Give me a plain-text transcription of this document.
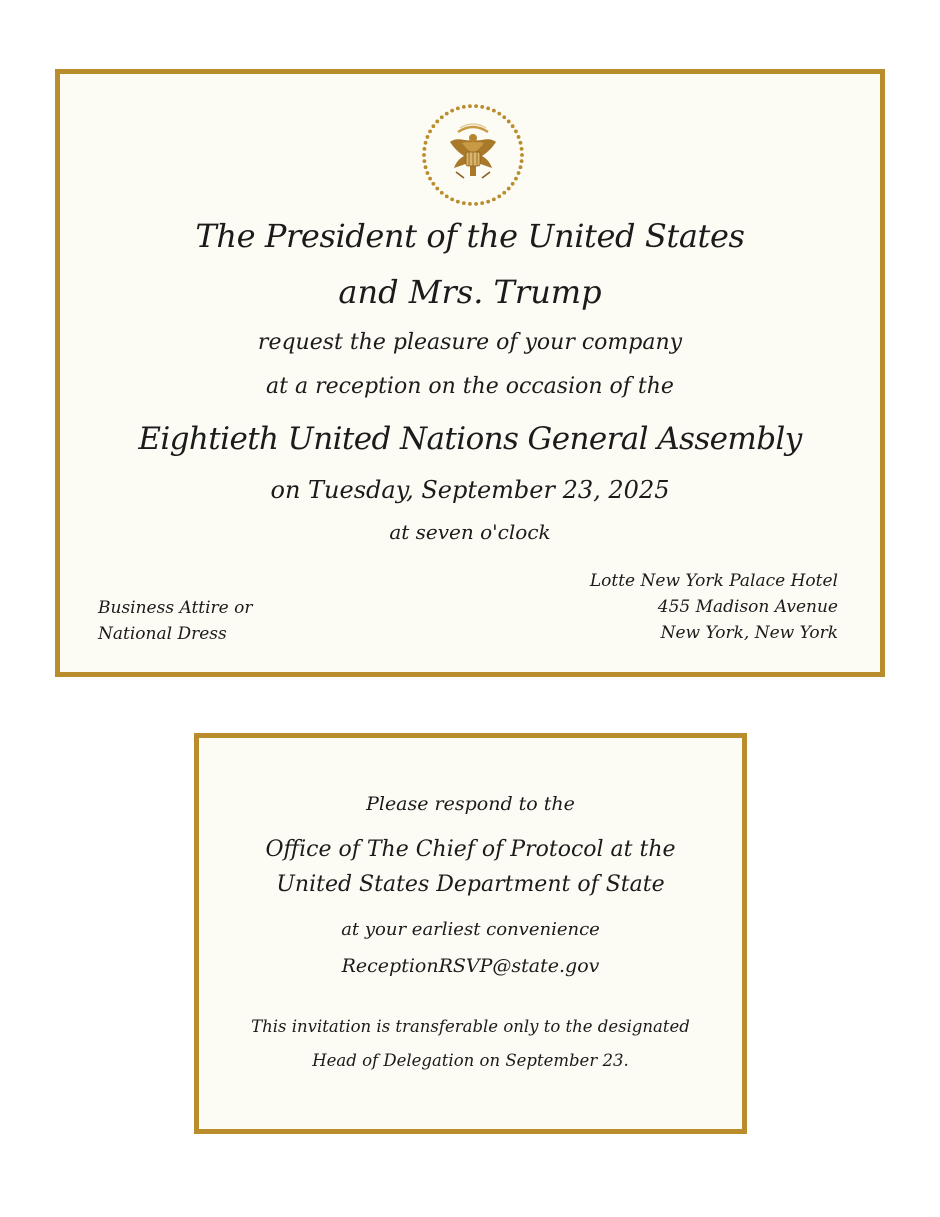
The President of the United States
and Mrs. Trump
request the pleasure of your company
at a reception on the occasion of the
Eightieth United Nations General Assembly
on Tuesday, September 23, 2025
at seven o'clock
Business Attire or
National Dress
Lotte New York Palace Hotel
455 Madison Avenue
New York, New York
Please respond to the
Office of The Chief of Protocol at the
United States Department of State
at your earliest convenience
ReceptionRSVP@state.gov
This invitation is transferable only to the designated
Head of Delegation on September 23.
